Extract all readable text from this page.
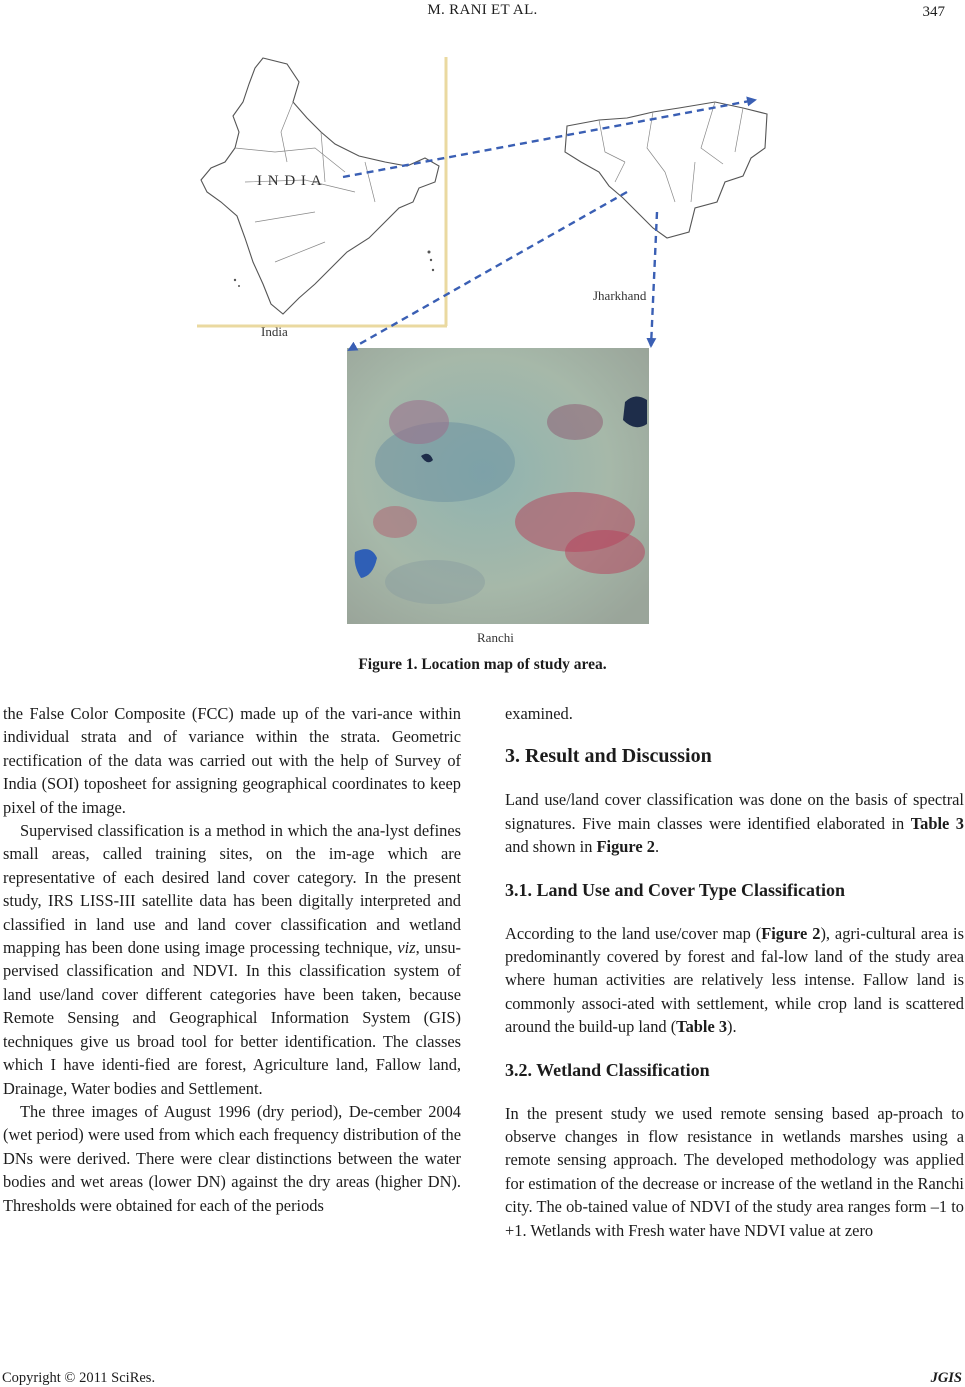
M. RANI ET AL.	347
I N D I A
India
Jharkhand
Ranchi
Figure 1. Location map of study area.

the False Color Composite (FCC) made up of the vari-ance within individual strata and of variance within the strata. Geometric rectification of the data was carried out with the help of Survey of India (SOI) toposheet for assigning geographical coordinates to keep pixel of the image.

Supervised classification is a method in which the ana-lyst defines small areas, called training sites, on the im-age which are representative of each desired land cover category. In the present study, IRS LISS-III satellite data has been digitally interpreted and classified in land use and land cover classification and wetland mapping has been done using image processing technique, viz, unsu-pervised classification and NDVI. In this classification system of land use/land cover different categories have been taken, because Remote Sensing and Geographical Information System (GIS) techniques give us broad tool for better identification. The classes which I have identi-fied are forest, Agriculture land, Fallow land, Drainage, Water bodies and Settlement.

The three images of August 1996 (dry period), De-cember 2004 (wet period) were used from which each frequency distribution of the DNs were derived. There were clear distinctions between the water bodies and wet areas (lower DN) against the dry areas (higher DN). Thresholds were obtained for each of the periods

examined.

3. Result and Discussion

Land use/land cover classification was done on the basis of spectral signatures. Five main classes were identified elaborated in Table 3 and shown in Figure 2.

3.1. Land Use and Cover Type Classification

According to the land use/cover map (Figure 2), agri-cultural area is predominantly covered by forest and fal-low land of the study area where human activities are relatively less intense. Fallow land is commonly associ-ated with settlement, while crop land is scattered around the build-up land (Table 3).

3.2. Wetland Classification

In the present study we used remote sensing based ap-proach to observe changes in flow resistance in wetlands marshes using a remote sensing approach. The developed methodology was applied for estimation of the decrease or increase of the wetland in the Ranchi city. The ob-tained value of NDVI of the study area ranges form –1 to +1. Wetlands with Fresh water have NDVI value at zero

Copyright © 2011 SciRes.	JGIS
